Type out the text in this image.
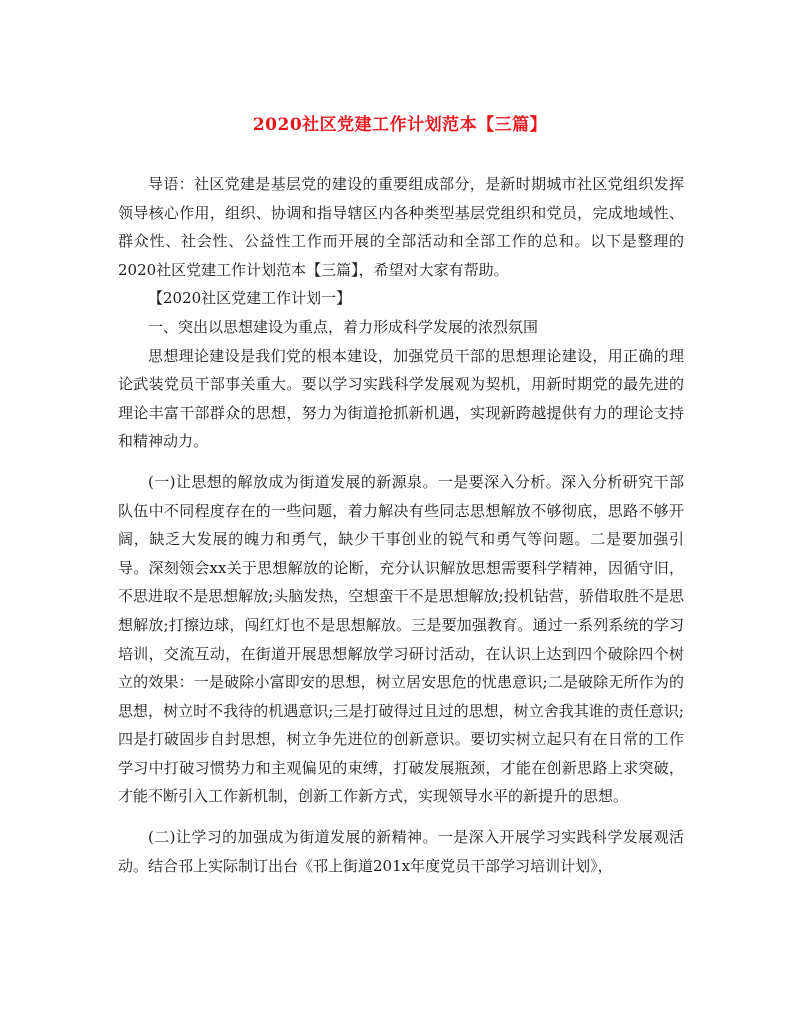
2020社区党建工作计划范本【三篇】

导语：社区党建是基层党的建设的重要组成部分，是新时期城市社区党组织发挥领导核心作用，组织、协调和指导辖区内各种类型基层党组织和党员，完成地域性、群众性、社会性、公益性工作而开展的全部活动和全部工作的总和。以下是整理的2020社区党建工作计划范本【三篇】，希望对大家有帮助。

【2020社区党建工作计划一】

一、突出以思想建设为重点，着力形成科学发展的浓烈氛围

思想理论建设是我们党的根本建设，加强党员干部的思想理论建设，用正确的理论武装党员干部事关重大。要以学习实践科学发展观为契机，用新时期党的最先进的理论丰富干部群众的思想，努力为街道抢抓新机遇，实现新跨越提供有力的理论支持和精神动力。

(一)让思想的解放成为街道发展的新源泉。一是要深入分析。深入分析研究干部队伍中不同程度存在的一些问题，着力解决有些同志思想解放不够彻底，思路不够开阔，缺乏大发展的魄力和勇气，缺少干事创业的锐气和勇气等问题。二是要加强引导。深刻领会xx关于思想解放的论断，充分认识解放思想需要科学精神，因循守旧，不思进取不是思想解放;头脑发热，空想蛮干不是思想解放;投机钻营，骄借取胜不是思想解放;打擦边球，闯红灯也不是思想解放。三是要加强教育。通过一系列系统的学习培训，交流互动，在街道开展思想解放学习研讨活动，在认识上达到四个破除四个树立的效果：一是破除小富即安的思想，树立居安思危的忧患意识;二是破除无所作为的思想，树立时不我待的机遇意识;三是打破得过且过的思想，树立舍我其谁的责任意识;四是打破固步自封思想，树立争先进位的创新意识。要切实树立起只有在日常的工作学习中打破习惯势力和主观偏见的束缚，打破发展瓶颈，才能在创新思路上求突破，才能不断引入工作新机制，创新工作新方式，实现领导水平的新提升的思想。

(二)让学习的加强成为街道发展的新精神。一是深入开展学习实践科学发展观活动。结合邗上实际制订出台《邗上街道201x年度党员干部学习培训计划》，
